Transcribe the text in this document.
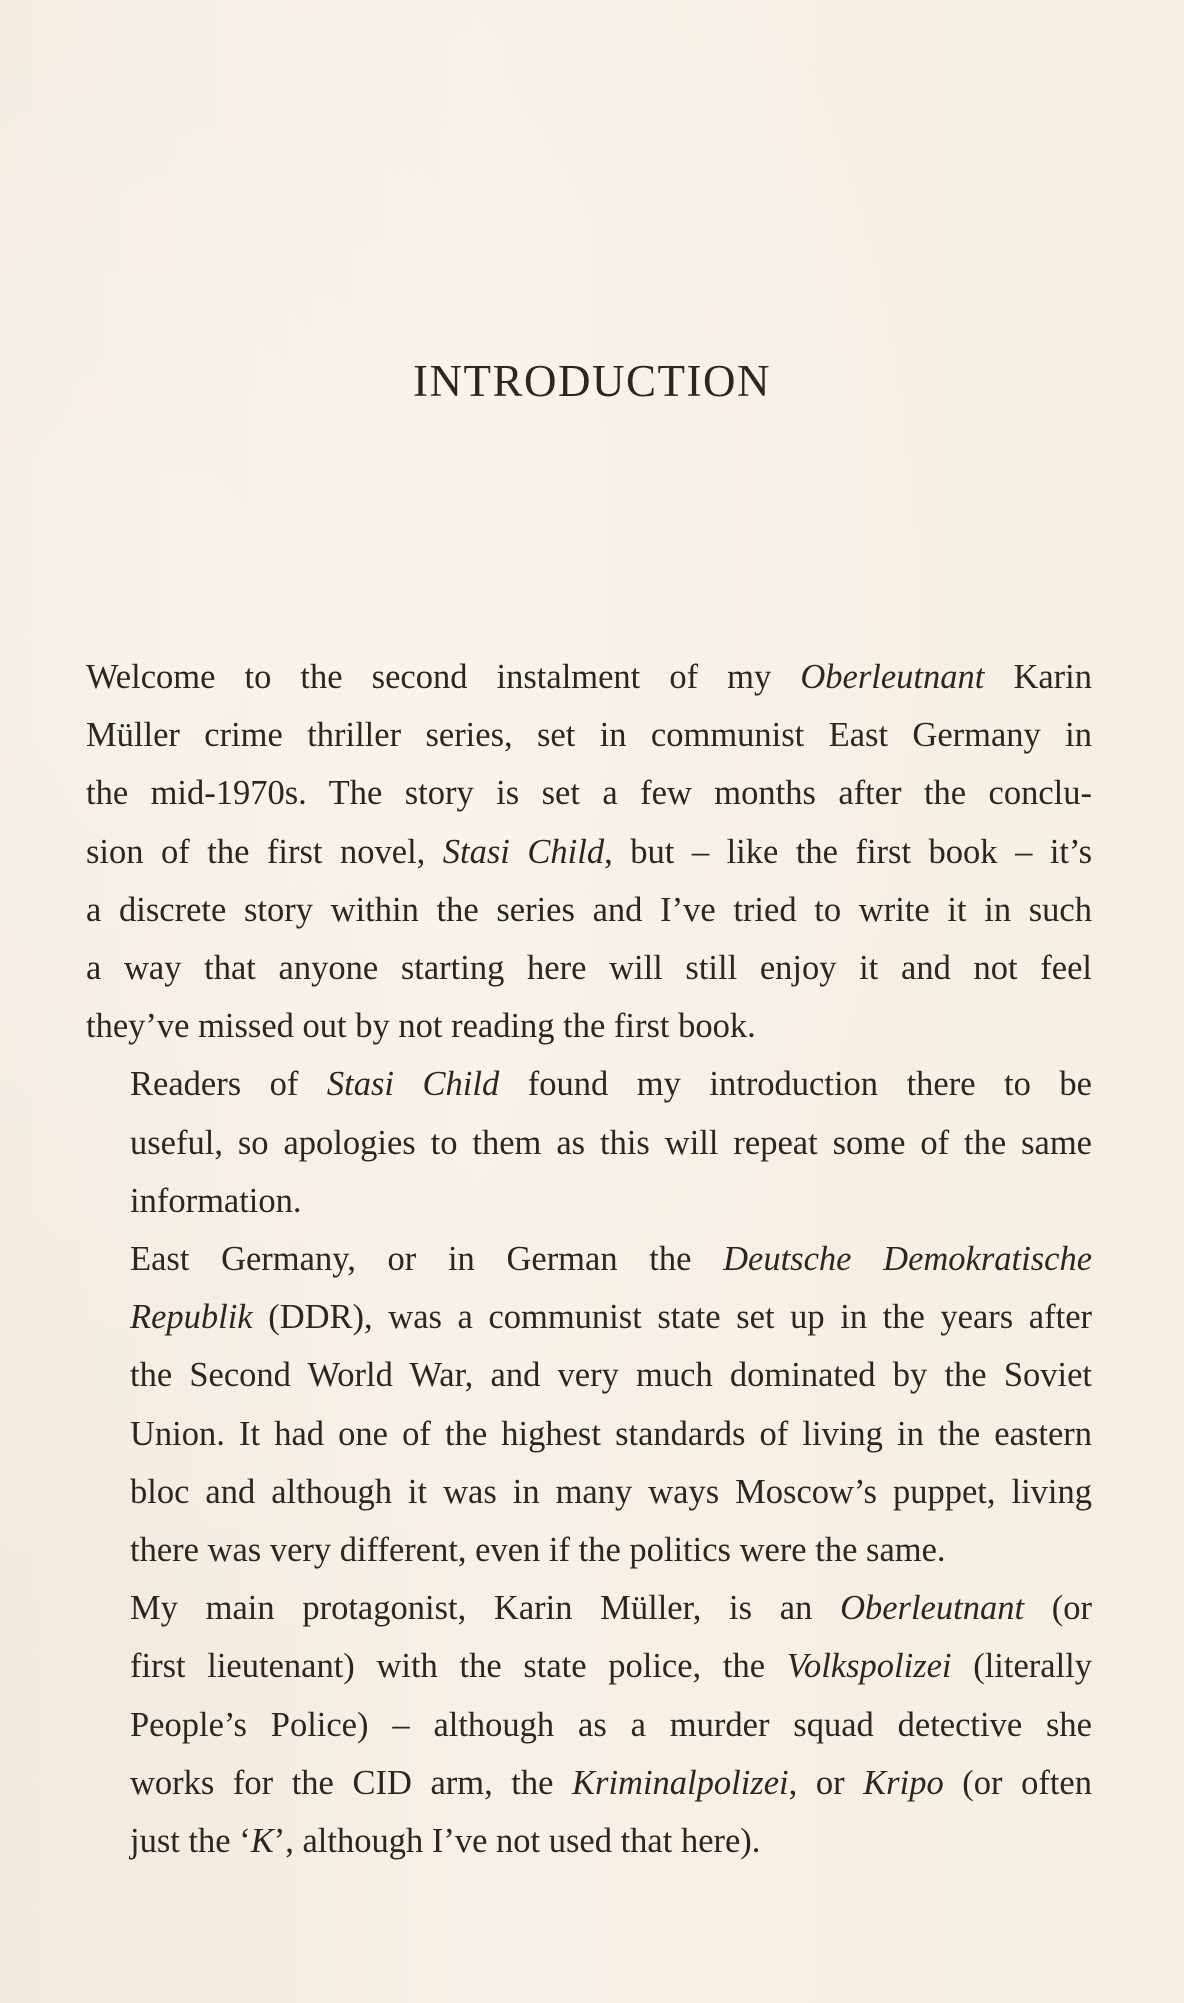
INTRODUCTION

Welcome to the second instalment of my Oberleutnant Karin
Müller crime thriller series, set in communist East Germany in
the mid-1970s. The story is set a few months after the conclu-
sion of the first novel, Stasi Child, but – like the first book – it’s
a discrete story within the series and I’ve tried to write it in such
a way that anyone starting here will still enjoy it and not feel
they’ve missed out by not reading the first book.

Readers of Stasi Child found my introduction there to be
useful, so apologies to them as this will repeat some of the same
information.

East Germany, or in German the Deutsche Demokratische
Republik (DDR), was a communist state set up in the years after
the Second World War, and very much dominated by the Soviet
Union. It had one of the highest standards of living in the eastern
bloc and although it was in many ways Moscow’s puppet, living
there was very different, even if the politics were the same.

My main protagonist, Karin Müller, is an Oberleutnant (or
first lieutenant) with the state police, the Volkspolizei (literally
People’s Police) – although as a murder squad detective she
works for the CID arm, the Kriminalpolizei, or Kripo (or often
just the ‘K’, although I’ve not used that here).
